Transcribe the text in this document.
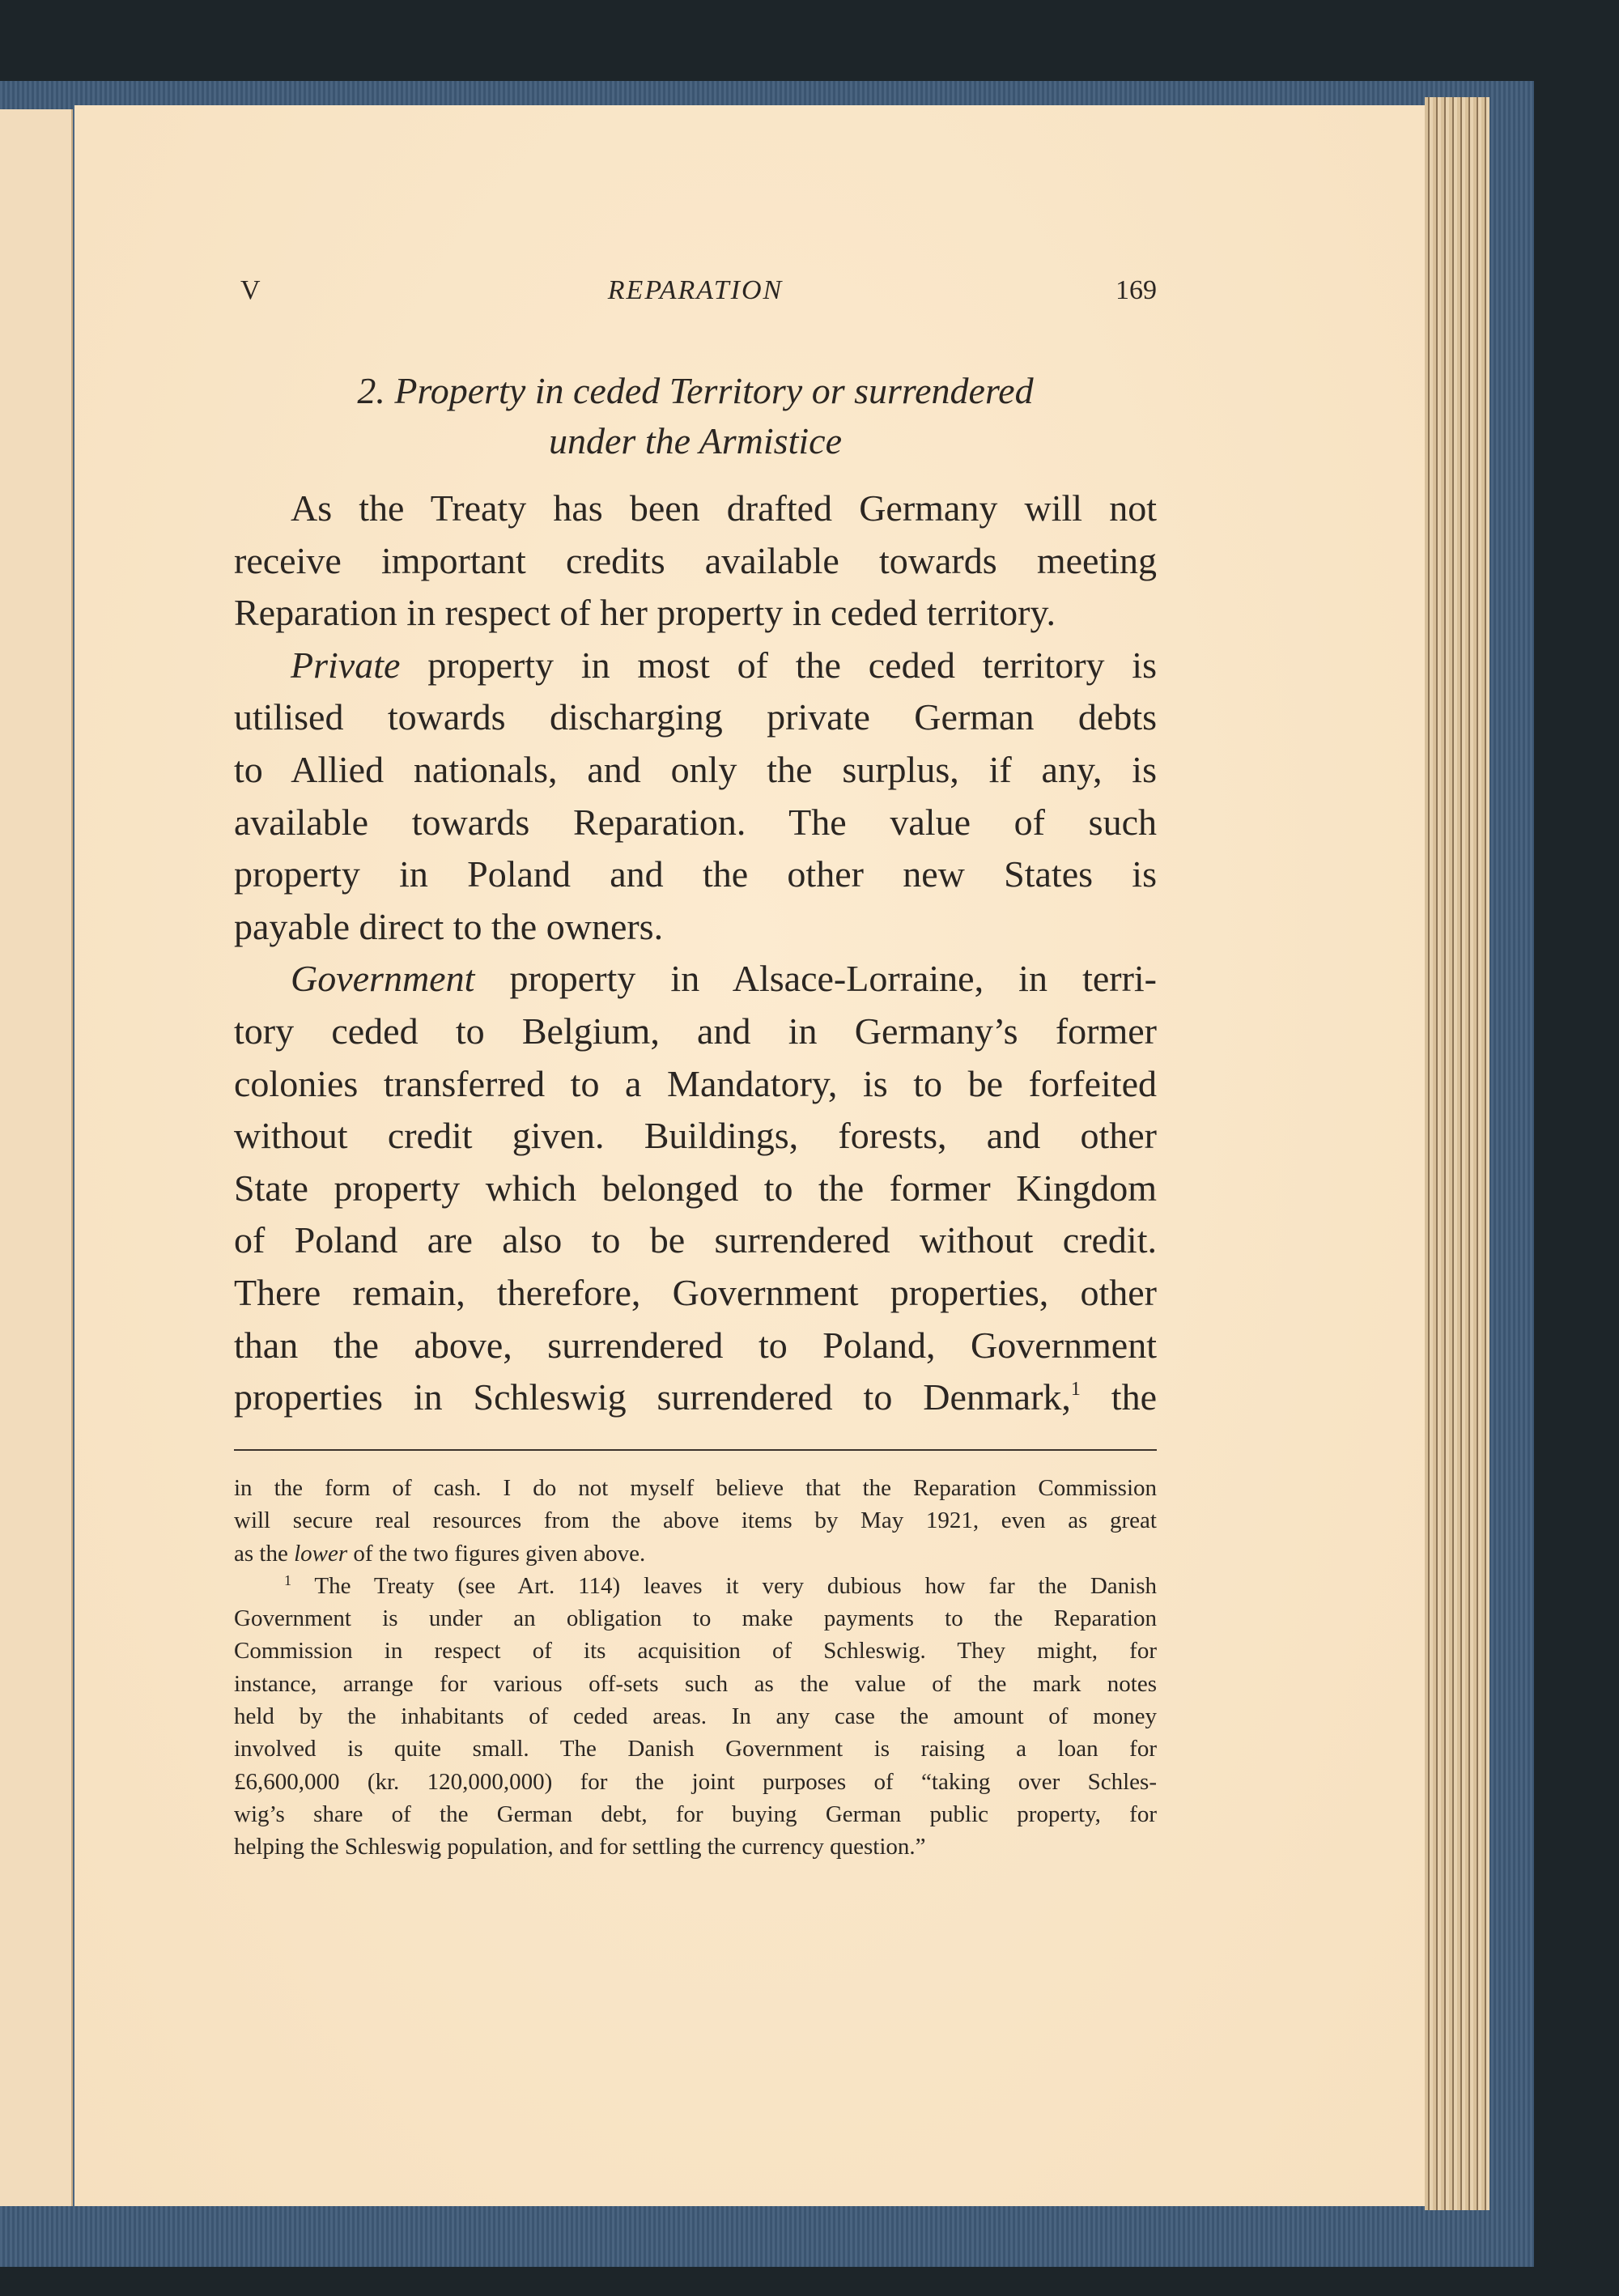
V	REPARATION	169
2. Property in ceded Territory or surrendered
under the Armistice
As the Treaty has been drafted Germany will not
receive important credits available towards meeting
Reparation in respect of her property in ceded territory.
Private property in most of the ceded territory is
utilised towards discharging private German debts
to Allied nationals, and only the surplus, if any, is
available towards Reparation. The value of such
property in Poland and the other new States is
payable direct to the owners.
Government property in Alsace-Lorraine, in terri-
tory ceded to Belgium, and in Germany’s former
colonies transferred to a Mandatory, is to be forfeited
without credit given. Buildings, forests, and other
State property which belonged to the former Kingdom
of Poland are also to be surrendered without credit.
There remain, therefore, Government properties, other
than the above, surrendered to Poland, Government
properties in Schleswig surrendered to Denmark,$^1$ the
in the form of cash. I do not myself believe that the Reparation Commission
will secure real resources from the above items by May 1921, even as great
as the lower of the two figures given above.
$^1$ The Treaty (see Art. 114) leaves it very dubious how far the Danish
Government is under an obligation to make payments to the Reparation
Commission in respect of its acquisition of Schleswig. They might, for
instance, arrange for various off-sets such as the value of the mark notes
held by the inhabitants of ceded areas. In any case the amount of money
involved is quite small. The Danish Government is raising a loan for
£6,600,000 (kr. 120,000,000) for the joint purposes of “taking over Schles-
wig’s share of the German debt, for buying German public property, for
helping the Schleswig population, and for settling the currency question.”
